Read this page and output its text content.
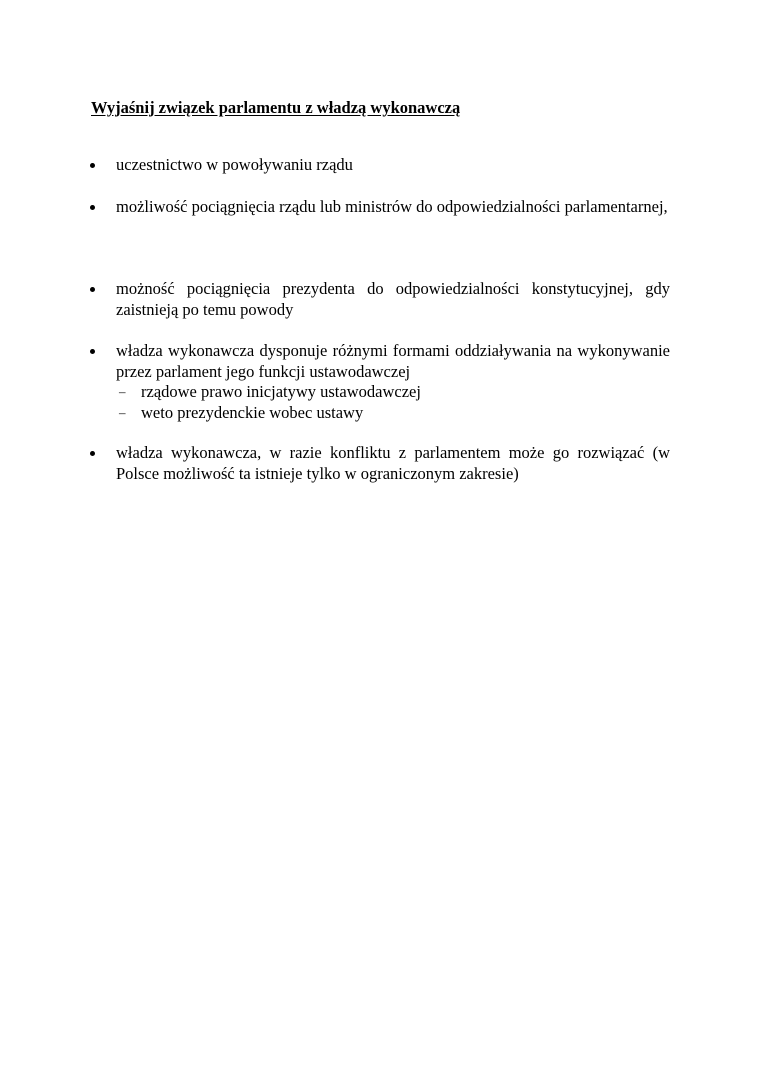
Wyjaśnij związek parlamentu z władzą wykonawczą
uczestnictwo w powoływaniu rządu
możliwość pociągnięcia rządu lub ministrów do odpowiedzialności parlamentarnej,
możność pociągnięcia prezydenta do odpowiedzialności konstytucyjnej, gdy zaistnieją po temu powody
władza wykonawcza dysponuje różnymi formami oddziaływania na wykonywanie przez parlament jego funkcji ustawodawczej
– rządowe prawo inicjatywy ustawodawczej
– weto prezydenckie wobec ustawy
władza wykonawcza, w razie konfliktu z parlamentem może go rozwiązać (w Polsce możliwość ta istnieje tylko w ograniczonym zakresie)
